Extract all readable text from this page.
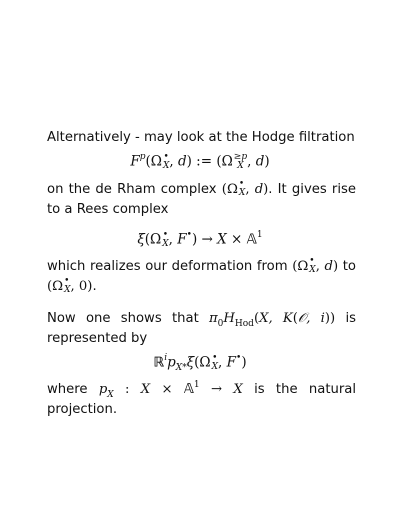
Alternatively - may look at the Hodge filtration
$F^p(\Omega$ •
X , d) := (Ω ≥p
X , d)
on the de Rham complex (Ω •
X , d). It gives rise to a Rees complex
ξ(Ω •
X , F•) → X × 𝔸$^1$
which realizes our deformation from (Ω •
X , d) to (Ω •
X , 0).
Now one shows that $\pi_0H_{Hod}(X$, K(𝒪, i)) is represented by
$ℝ^ip_{X*}\xi(\Omega$ •
X , F•)
where $p_X$ : X × 𝔸$^1$ → X is the natural projection.
